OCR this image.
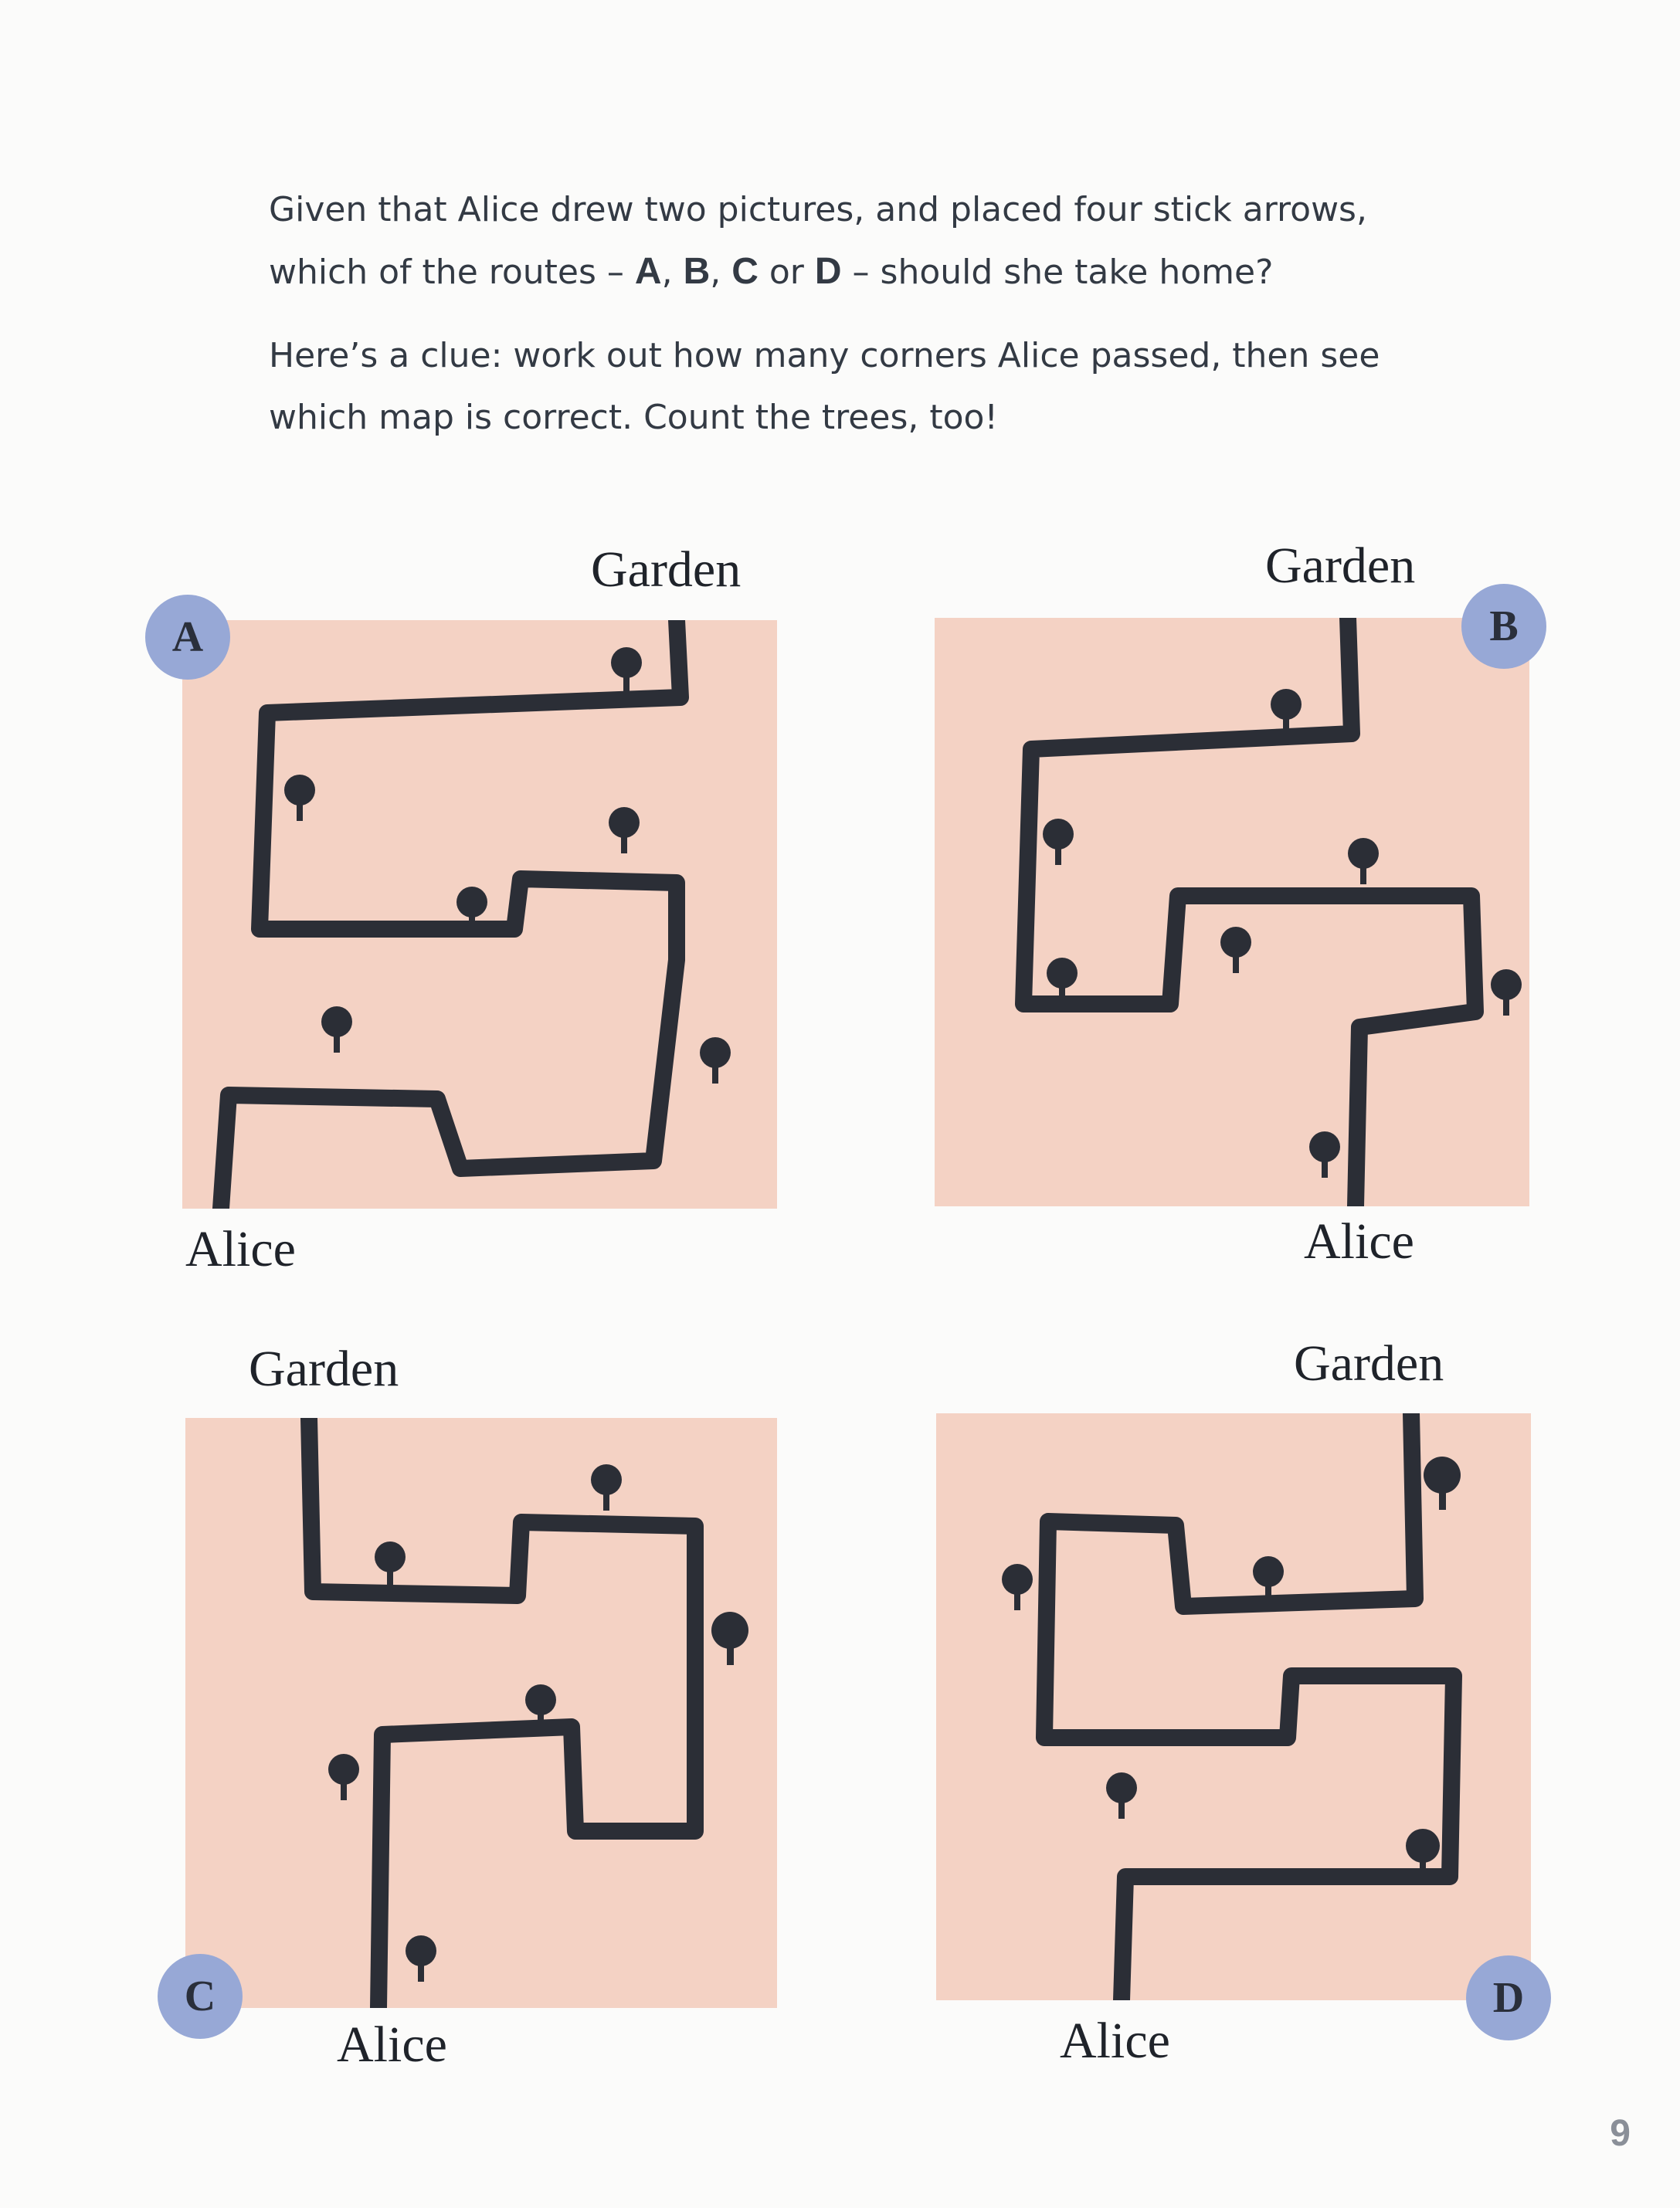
Given that Alice drew two pictures, and placed four stick arrows, which of the routes – A, B, C or D – should she take home?

Here’s a clue: work out how many corners Alice passed, then see which map is correct. Count the trees, too!

Garden
A
Alice
Garden
B
Alice
Garden
C
Alice
Garden
D
Alice
9
